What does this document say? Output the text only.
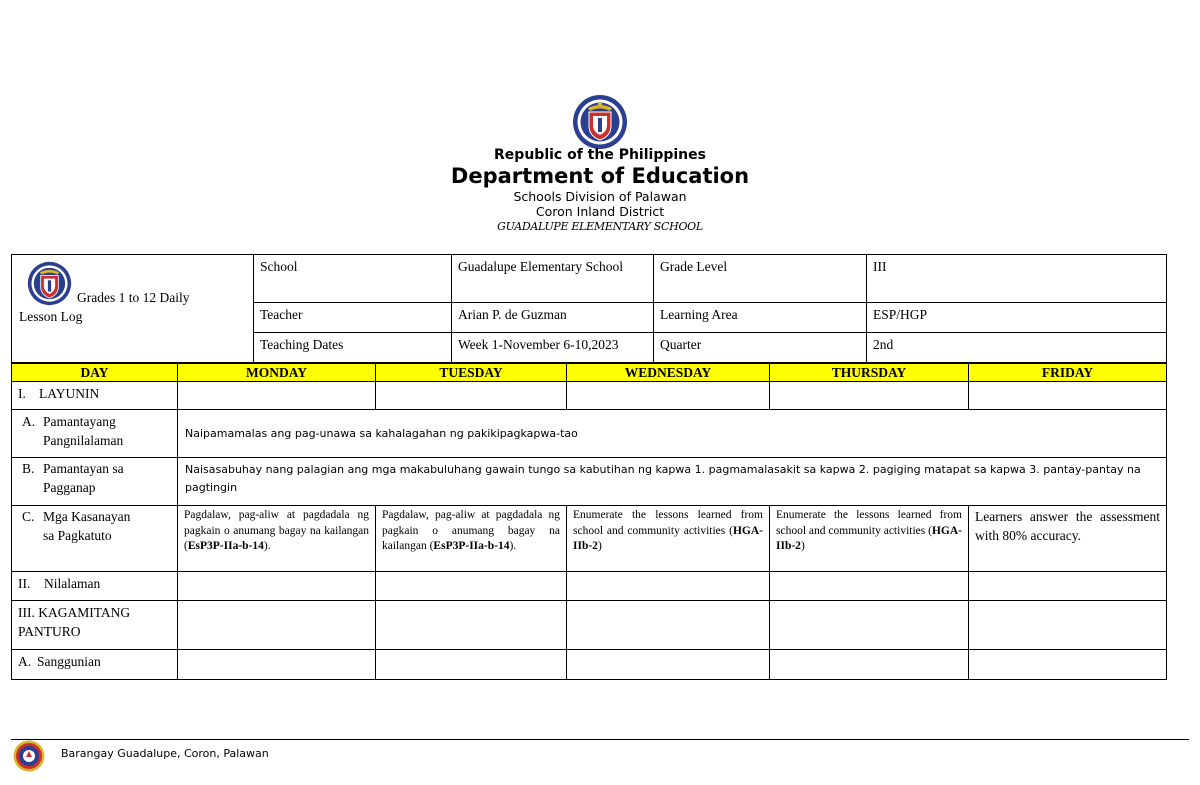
Republic of the Philippines
Department of Education
Schools Division of Palawan
Coron Inland District
GUADALUPE ELEMENTARY SCHOOL
Grades 1 to 12 Daily
Lesson Log	School	Guadalupe Elementary School	Grade Level	III
	Teacher	Arian P. de Guzman	Learning Area	ESP/HGP
	Teaching Dates	Week 1-November 6-10,2023	Quarter	2nd
DAY	MONDAY	TUESDAY	WEDNESDAY	THURSDAY	FRIDAY

I. LAYUNIN					

A. Pamantayang
Pangnilalaman	Naipamamalas ang pag-unawa sa kahalagahan ng pakikipagkapwa-tao				

B. Pamantayan sa
Pagganap	Naisasabuhay nang palagian ang mga makabuluhang gawain tungo sa kabutihan ng kapwa 1. pagmamalasakit sa kapwa 2. pagiging matapat sa kapwa 3. pantay-pantay na pagtingin				

C. Mga Kasanayan
sa Pagkatuto	Pagdalaw, pag-aliw at pagdadala ng pagkain o anumang bagay na kailangan (EsP3P-IIa-b-14).	Pagdalaw, pag-aliw at pagdadala ng pagkain o anumang bagay na kailangan (EsP3P-IIa-b-14).	Enumerate the lessons learned from school and community activities (HGA-IIb-2)	Enumerate the lessons learned from school and community activities (HGA-IIb-2)	Learners answer the assessment with 80% accuracy.

II. Nilalaman					

III. KAGAMITANG
PANTURO					

A. Sanggunian					

Barangay Guadalupe, Coron, Palawan
